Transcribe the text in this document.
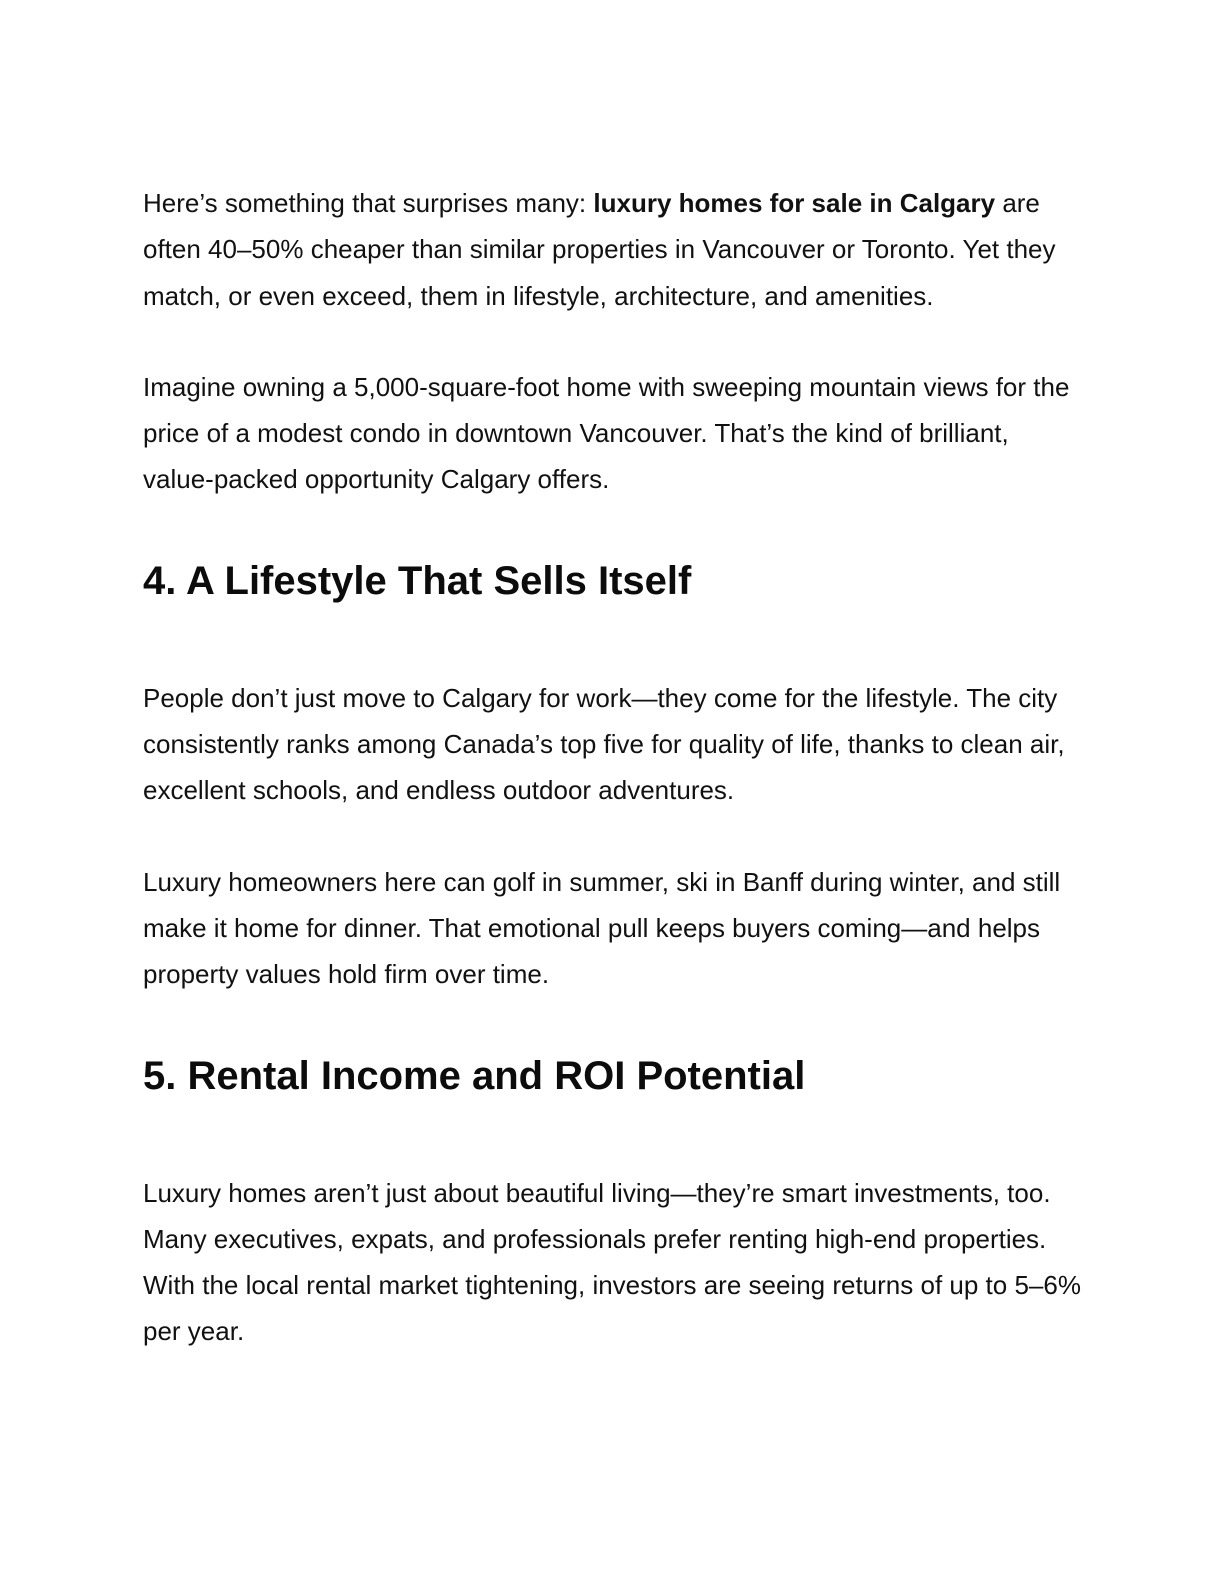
Here’s something that surprises many: luxury homes for sale in Calgary are often 40–50% cheaper than similar properties in Vancouver or Toronto. Yet they match, or even exceed, them in lifestyle, architecture, and amenities.

Imagine owning a 5,000-square-foot home with sweeping mountain views for the price of a modest condo in downtown Vancouver. That’s the kind of brilliant, value-packed opportunity Calgary offers.

4. A Lifestyle That Sells Itself

People don’t just move to Calgary for work—they come for the lifestyle. The city consistently ranks among Canada’s top five for quality of life, thanks to clean air, excellent schools, and endless outdoor adventures.

Luxury homeowners here can golf in summer, ski in Banff during winter, and still make it home for dinner. That emotional pull keeps buyers coming—and helps property values hold firm over time.

5. Rental Income and ROI Potential

Luxury homes aren’t just about beautiful living—they’re smart investments, too. Many executives, expats, and professionals prefer renting high-end properties. With the local rental market tightening, investors are seeing returns of up to 5–6% per year.
